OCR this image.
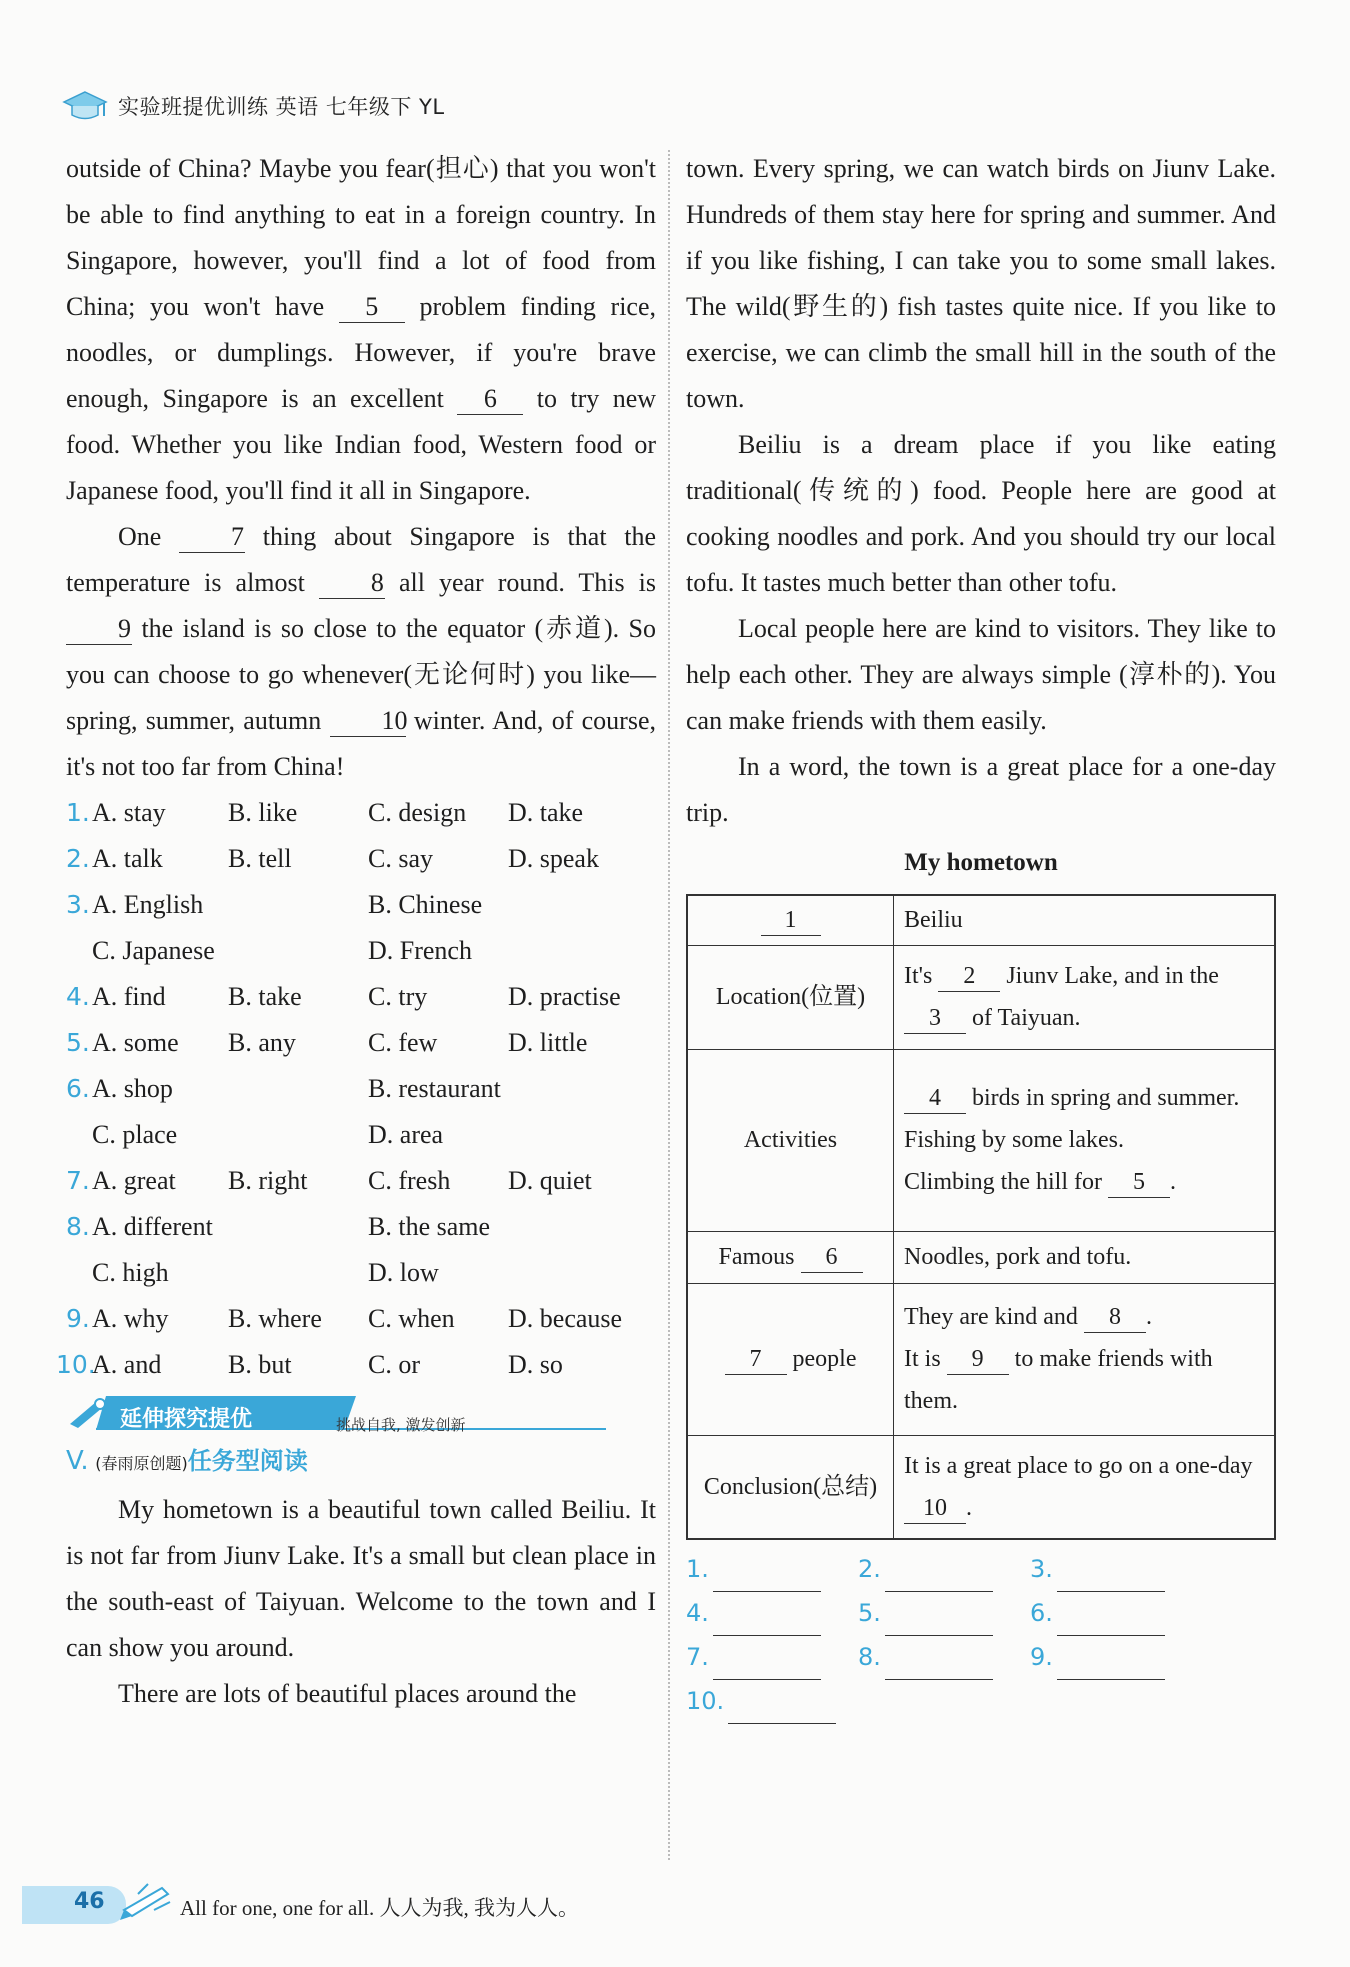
实验班提优训练 英语 七年级下 YL

outside of China? Maybe you fear(担心) that you won't be able to find anything to eat in a foreign country. In Singapore, however, you'll find a lot of food from China; you won't have 5 problem finding rice, noodles, or dumplings. However, if you're brave enough, Singapore is an excellent 6 to try new food. Whether you like Indian food, Western food or Japanese food, you'll find it all in Singapore.

One	7 thing about Singapore is that the temperature is almost	8 all year round. This is 9 the island is so close to the equator (赤道). So you can choose to go whenever(无论何时) you like—spring, summer, autumn 10 winter. And, of course, it's not too far from China!

1. A. stay	B. like	C. design	D. take
2. A. talk	B. tell	C. say	D. speak
3. A. English	B. Chinese
C. Japanese	D. French
4. A. find	B. take	C. try	D. practise
5. A. some	B. any	C. few	D. little
6. A. shop	B. restaurant
C. place	D. area
7. A. great	B. right	C. fresh	D. quiet
8. A. different	B. the same
C. high	D. low
9. A. why	B. where	C. when	D. because
10.
A. and	B. but	C. or	D. so
延伸探究提优	挑战自我, 激发创新
V. (春雨原创题)任务型阅读

My hometown is a beautiful town called Beiliu. It is not far from Jiunv Lake. It's a small but clean place in the south-east of Taiyuan. Welcome to the town and I can show you around.

There are lots of beautiful places around the

town. Every spring, we can watch birds on Jiunv Lake. Hundreds of them stay here for spring and summer. And if you like fishing, I can take you to some small lakes. The wild(野生的) fish tastes quite nice. If you like to exercise, we can climb the small hill in the south of the town.

Beiliu is a dream place if you like eating traditional(传统的) food. People here are good at cooking noodles and pork. And you should try our local tofu. It tastes much better than other tofu.

Local people here are kind to visitors. They like to help each other. They are always simple (淳朴的). You can make friends with them easily.

In a word, the town is a great place for a one-day trip.

My hometown
1	Beiliu
Location(位置)	It's 2 Jiunv Lake, and in the
3 of Taiyuan.
Activities	4 birds in spring and summer.
Fishing by some lakes.
Climbing the hill for 5 .
Famous 6	Noodles, pork and tofu.
7 people	They are kind and 8 .
It is 9 to make friends with them.
Conclusion(总结)	It is a great place to go on a one-day 10 .
1.	2.	3.
4.	5.	6.
7.	8.	9.
10.
46	All for one, one for all. 人人为我, 我为人人。
